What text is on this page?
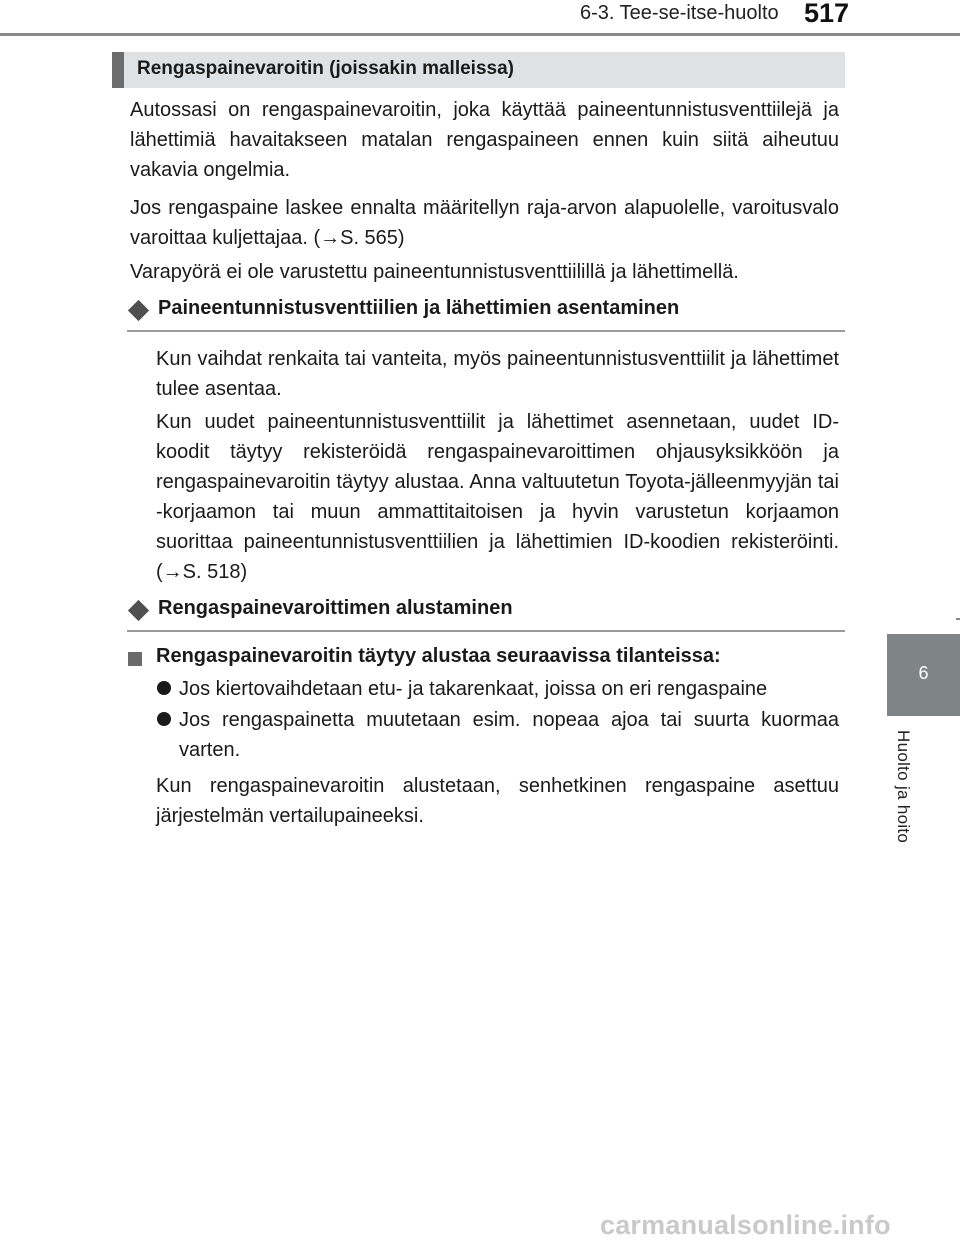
6-3. Tee-se-itse-huolto 517
6
Huolto ja hoito
Rengaspainevaroitin (joissakin malleissa)
Autossasi on rengaspainevaroitin, joka käyttää paineentunnistusventtiilejä ja lähettimiä havaitakseen matalan rengaspaineen ennen kuin siitä aiheutuu vakavia ongelmia.
Jos rengaspaine laskee ennalta määritellyn raja-arvon alapuolelle, varoitusvalo varoittaa kuljettajaa. (→S. 565)
Varapyörä ei ole varustettu paineentunnistusventtiilillä ja lähettimellä.
Paineentunnistusventtiilien ja lähettimien asentaminen
Kun vaihdat renkaita tai vanteita, myös paineentunnistusventtiilit ja lähettimet tulee asentaa.
Kun uudet paineentunnistusventtiilit ja lähettimet asennetaan, uudet ID-koodit täytyy rekisteröidä rengaspainevaroittimen ohjausyksikköön ja rengaspainevaroitin täytyy alustaa. Anna valtuutetun Toyota-jälleenmyyjän tai -korjaamon tai muun ammattitaitoisen ja hyvin varustetun korjaamon suorittaa paineentunnistusventtiilien ja lähettimien ID-koodien rekisteröinti. (→S. 518)
Rengaspainevaroittimen alustaminen
Rengaspainevaroitin täytyy alustaa seuraavissa tilanteissa:
Jos kiertovaihdetaan etu- ja takarenkaat, joissa on eri rengaspaine
Jos rengaspainetta muutetaan esim. nopeaa ajoa tai suurta kuormaa varten.
Kun rengaspainevaroitin alustetaan, senhetkinen rengaspaine asettuu järjestelmän vertailupaineeksi.
carmanualsonline.info
